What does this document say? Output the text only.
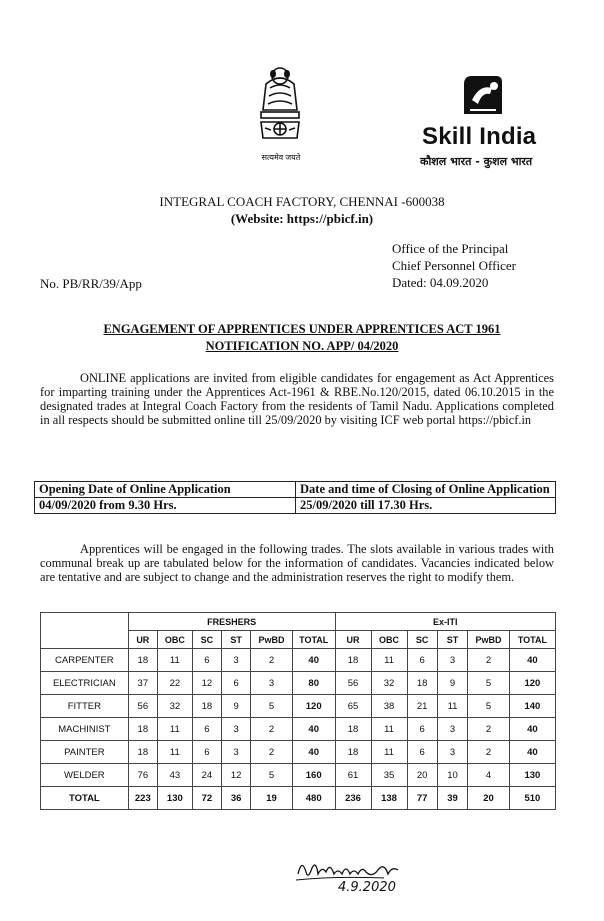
सत्यमेव जयते
Skill India
कौशल भारत - कुशल भारत
INTEGRAL COACH FACTORY, CHENNAI -600038
(Website: https://pbicf.in)
Office of the Principal
Chief Personnel Officer
Dated: 04.09.2020
No. PB/RR/39/App
ENGAGEMENT OF APPRENTICES UNDER APPRENTICES ACT 1961
NOTIFICATION NO. APP/ 04/2020
ONLINE applications are invited from eligible candidates for engagement as Act Apprentices for imparting training under the Apprentices Act-1961 & RBE.No.120/2015, dated 06.10.2015 in the designated trades at Integral Coach Factory from the residents of Tamil Nadu. Applications completed in all respects should be submitted online till 25/09/2020 by visiting ICF web portal https://pbicf.in
Opening Date of Online Application	Date and time of Closing of Online Application
04/09/2020 from 9.30 Hrs.	25/09/2020 till 17.30 Hrs.
Apprentices will be engaged in the following trades. The slots available in various trades with communal break up are tabulated below for the information of candidates. Vacancies indicated below are tentative and are subject to change and the administration reserves the right to modify them.
	FRESHERS						Ex-ITI					
	UR	OBC	SC	ST	PwBD	TOTAL	UR	OBC	SC	ST	PwBD	TOTAL
CARPENTER	18	11	6	3	2	40	18	11	6	3	2	40
ELECTRICIAN	37	22	12	6	3	80	56	32	18	9	5	120
FITTER	56	32	18	9	5	120	65	38	21	11	5	140
MACHINIST	18	11	6	3	2	40	18	11	6	3	2	40
PAINTER	18	11	6	3	2	40	18	11	6	3	2	40
WELDER	76	43	24	12	5	160	61	35	20	10	4	130
TOTAL	223	130	72	36	19	480	236	138	77	39	20	510
4.9.2020
